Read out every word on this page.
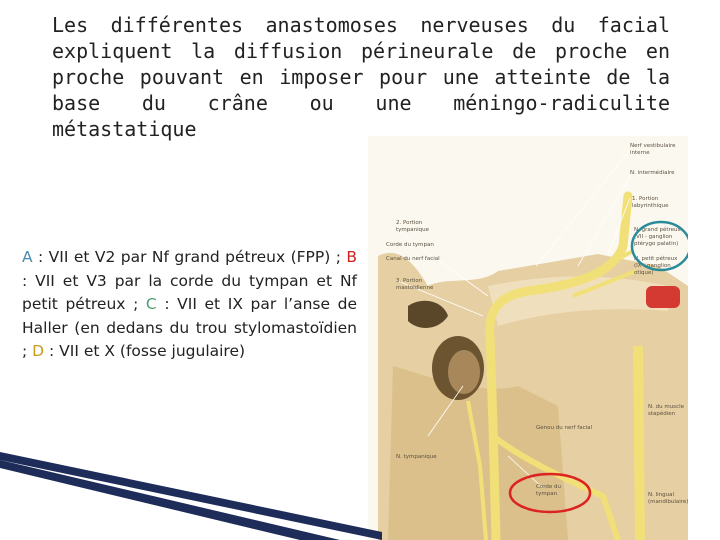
Les différentes anastomoses nerveuses du facial expliquent la diffusion périneurale de proche en proche pouvant en imposer pour une atteinte de la base du crâne ou une méningo-radiculite métastatique
A : VII et V2 par Nf grand pétreux (FPP) ; B : VII et V3 par la corde du tympan et Nf petit pétreux ; C : VII et IX par l’anse de Haller (en dedans du trou stylomastoïdien ; D : VII et X (fosse jugulaire)
Nerf vestibulaire
interne
N. intermédiaire
1. Portion
labyrinthique
2. Portion
tympanique
Corde du tympan
Canal du nerf facial
3. Portion
mastoïdienne
N. grand pétreux
(VII - ganglion
ptérygo palatin)
N. petit pétreux
(IX - ganglion
otique)
Genou du nerf facial
N. tympanique
Corde du
tympan
N. du muscle
stapédien
N. lingual
(mandibulaire)
